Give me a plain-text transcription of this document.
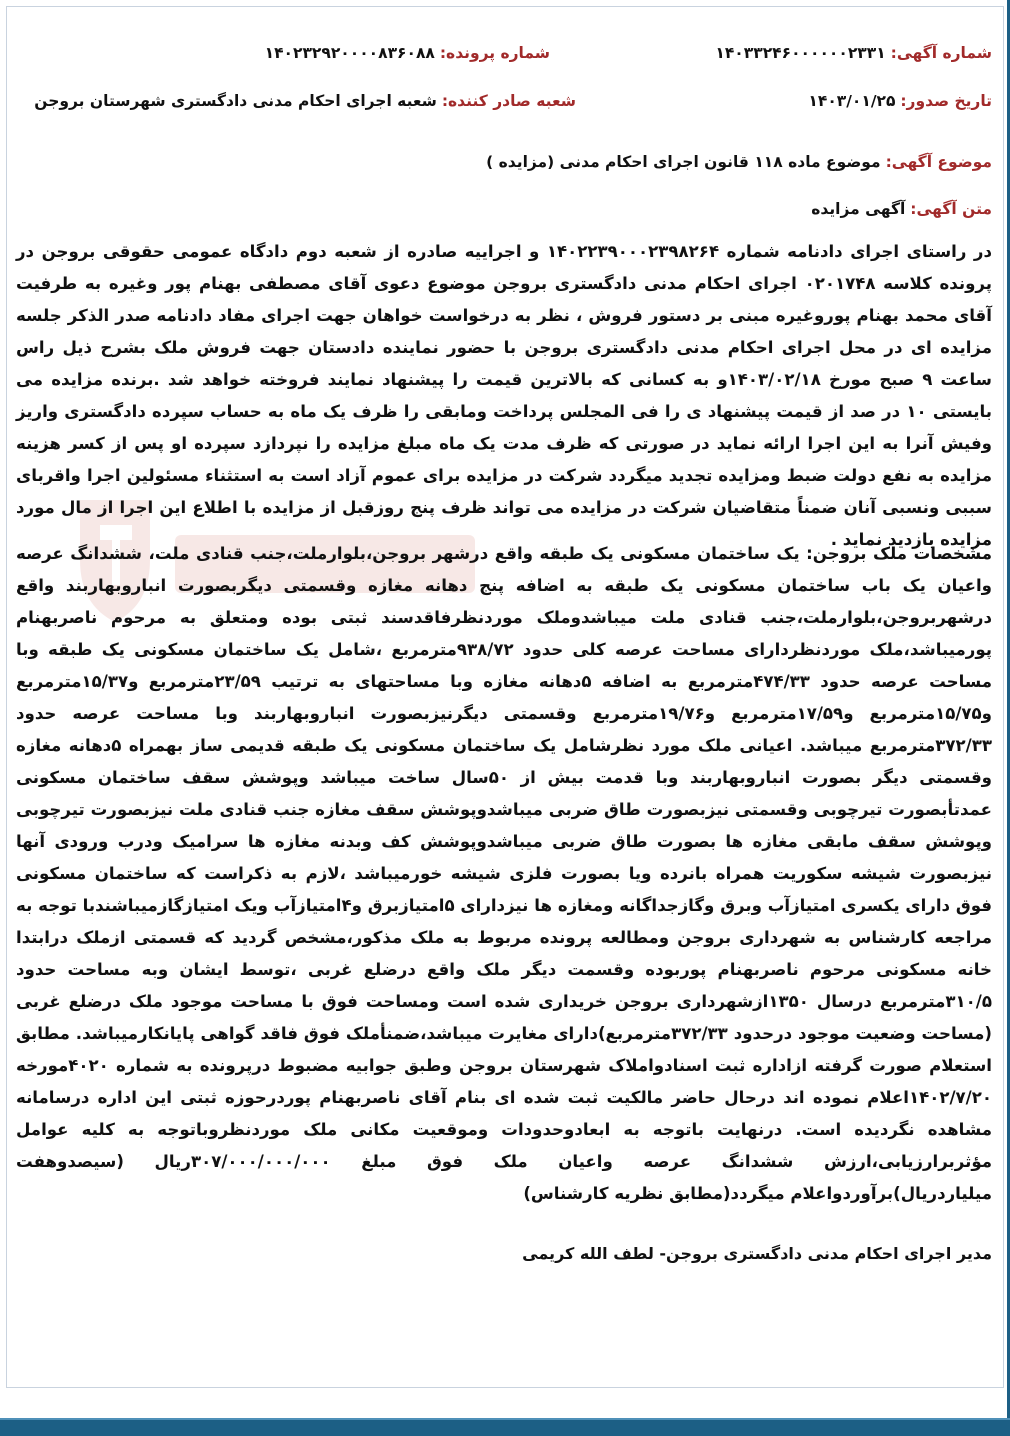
شماره آگهی: ۱۴۰۳۳۲۴۶۰۰۰۰۰۰۲۳۳۱
شماره پرونده: ۱۴۰۲۳۲۹۲۰۰۰۰۸۳۶۰۸۸
تاریخ صدور: ۱۴۰۳/۰۱/۲۵
شعبه صادر کننده: شعبه اجرای احکام مدنی دادگستری شهرستان بروجن
موضوع آگهی: موضوع ماده ۱۱۸ قانون اجرای احکام مدنی (مزایده )
متن آگهی: آگهی مزایده
در راستای اجرای دادنامه شماره ۱۴۰۲۲۳۹۰۰۰۲۳۹۸۲۶۴ و اجراییه صادره از شعبه دوم دادگاه عمومی حقوقی بروجن در پرونده کلاسه ۰۲۰۱۷۴۸ اجرای احکام مدنی دادگستری بروجن موضوع دعوی آقای مصطفی بهنام پور وغیره به طرفیت آقای محمد بهنام پوروغیره مبنی بر دستور فروش ، نظر به درخواست خواهان جهت اجرای مفاد دادنامه صدر الذکر جلسه مزایده ای در محل اجرای احکام مدنی دادگستری بروجن با حضور نماینده دادستان جهت فروش ملک بشرح ذیل راس ساعت ۹ صبح مورخ ۱۴۰۳/۰۲/۱۸و به کسانی که بالاترین قیمت را پیشنهاد نمایند فروخته خواهد شد .برنده مزایده می بایستی ۱۰ در صد از قیمت پیشنهاد ی را فی المجلس پرداخت ومابقی را ظرف یک ماه به حساب سپرده دادگستری واریز وفیش آنرا به این اجرا ارائه نماید در صورتی که ظرف مدت یک ماه مبلغ مزایده را نپردازد سپرده او پس از کسر هزینه مزایده به نفع دولت ضبط ومزایده تجدید میگردد شرکت در مزایده برای عموم آزاد است به استثناء مسئولین اجرا واقربای سببی ونسبی آنان ضمناً متقاضیان شرکت در مزایده می تواند ظرف پنج روزقبل از مزایده با اطلاع این اجرا از مال مورد مزایده بازدید نماید .
مشخصات ملک بروجن: یک ساختمان مسکونی یک طبقه واقع درشهر بروجن،بلوارملت،جنب قنادی ملت، ششدانگ عرصه واعیان یک باب ساختمان مسکونی یک طبقه به اضافه پنج دهانه مغازه وقسمتی دیگربصورت انباروبهاربند واقع درشهربروجن،بلوارملت،جنب قنادی ملت میباشدوملک موردنظرفاقدسند ثبتی بوده ومتعلق به مرحوم ناصربهنام پورمیباشد،ملک موردنظردارای مساحت عرصه کلی حدود ۹۳۸/۷۲مترمربع ،شامل یک ساختمان مسکونی یک طبقه وبا مساحت عرصه حدود ۴۷۴/۳۳مترمربع به اضافه ۵دهانه مغازه وبا مساحتهای به ترتیب ۲۳/۵۹مترمربع و۱۵/۳۷مترمربع و۱۵/۷۵مترمربع و۱۷/۵۹مترمربع و۱۹/۷۶مترمربع وقسمتی دیگرنیزبصورت انباروبهاربند وبا مساحت عرصه حدود ۳۷۲/۳۳مترمربع میباشد. اعیانی ملک مورد نظرشامل یک ساختمان مسکونی یک طبقه قدیمی ساز بهمراه ۵دهانه مغازه وقسمتی دیگر بصورت انباروبهاربند وبا قدمت بیش از ۵۰سال ساخت میباشد وپوشش سقف ساختمان مسکونی عمدتأبصورت تیرچوبی وقسمتی نیزبصورت طاق ضربی میباشدوپوشش سقف مغازه جنب قنادی ملت نیزبصورت تیرچوبی وپوشش سقف مابقی مغازه ها بصورت طاق ضربی میباشدوپوشش کف وبدنه مغازه ها سرامیک ودرب ورودی آنها نیزبصورت شیشه سکوریت همراه بانرده ویا بصورت فلزی شیشه خورمیباشد ،لازم به ذکراست که ساختمان مسکونی فوق دارای یکسری امتیازآب وبرق وگازجداگانه ومغازه ها نیزدارای ۵امتیازبرق و۴امتیازآب ویک امتیازگازمیباشندبا توجه به مراجعه کارشناس به شهرداری بروجن ومطالعه پرونده مربوط به ملک مذکور،مشخص گردید که قسمتی ازملک درابتدا خانه مسکونی مرحوم ناصربهنام پوربوده وقسمت دیگر ملک واقع درضلع غربی ،توسط ایشان وبه مساحت حدود ۳۱۰/۵مترمربع درسال ۱۳۵۰ازشهرداری بروجن خریداری شده است ومساحت فوق با مساحت موجود ملک درضلع غربی (مساحت وضعیت موجود درحدود ۳۷۲/۳۳مترمربع)دارای مغایرت میباشد،ضمنأملک فوق فاقد گواهی پایانکارمیباشد. مطابق استعلام صورت گرفته ازاداره ثبت اسنادواملاک شهرستان بروجن وطبق جوابیه مضبوط درپرونده به شماره ۴۰۲۰مورخه ۱۴۰۲/۷/۲۰اعلام نموده اند درحال حاضر مالکیت ثبت شده ای بنام آقای ناصربهنام پوردرحوزه ثبتی این اداره درسامانه مشاهده نگردیده است. درنهایت باتوجه به ابعادوحدودات وموقعیت مکانی ملک موردنظروباتوجه به کلیه عوامل مؤثربرارزیابی،ارزش ششدانگ عرصه واعیان ملک فوق مبلغ ۳۰۷/۰۰۰/۰۰۰/۰۰۰ریال (سیصدوهفت میلیاردریال)برآوردواعلام میگردد(مطابق نظریه کارشناس)
مدیر اجرای احکام مدنی دادگستری بروجن- لطف الله کریمی
